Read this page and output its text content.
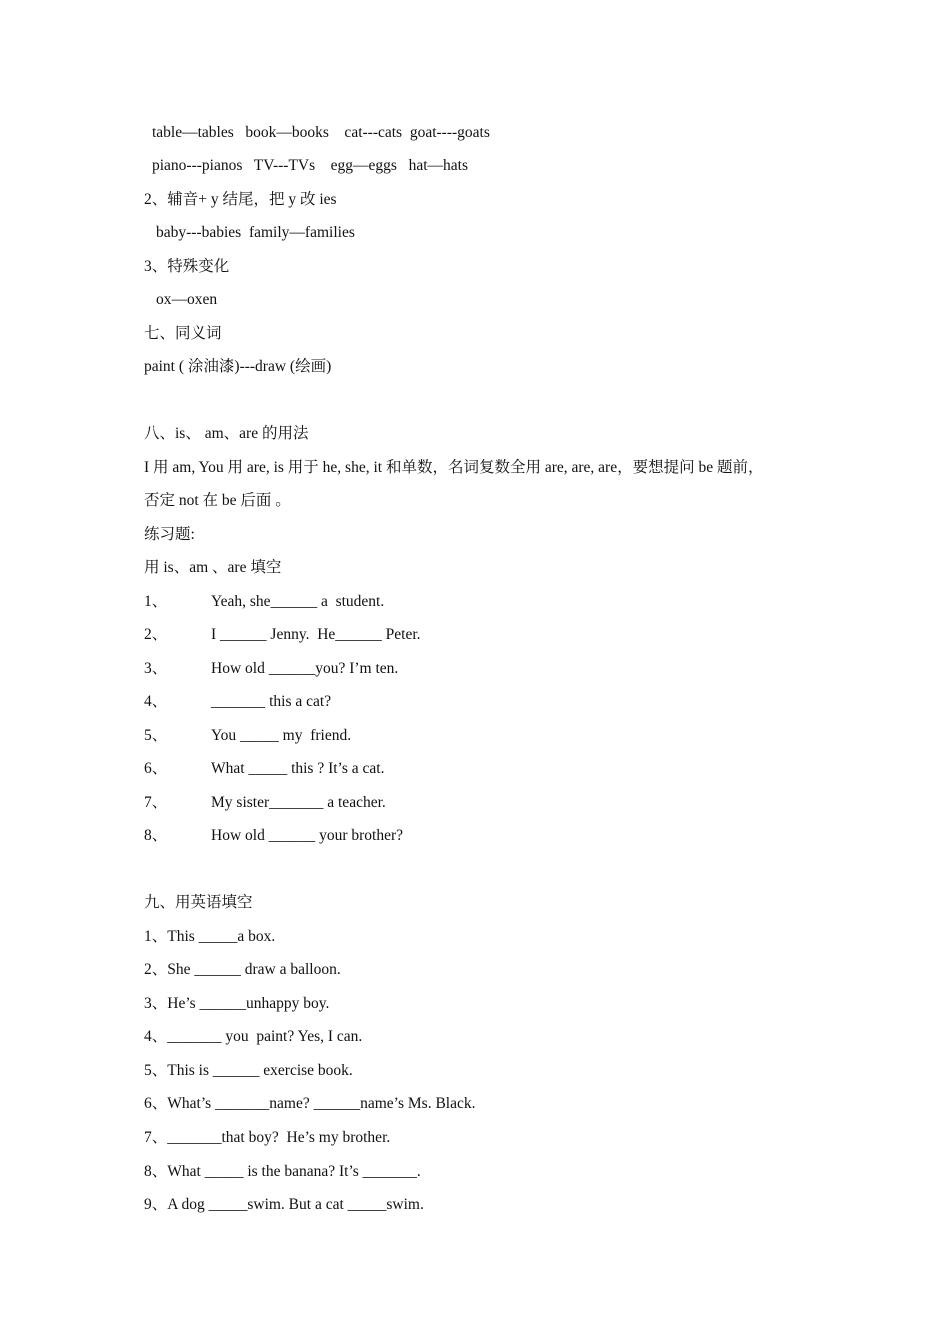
table—tables   book—books    cat---cats  goat----goats
piano---pianos   TV---TVs    egg—eggs   hat—hats
2、辅音+ y 结尾，把 y 改 ies
baby---babies  family—families
3、特殊变化
ox—oxen
七、同义词
paint ( 涂油漆)---draw (绘画)
八、is、 am、are 的用法
I 用 am, You 用 are, is 用于 he, she, it 和单数，名词复数全用 are, are, are，要想提问 be 题前，
否定 not 在 be 后面 。
练习题:
用 is、am 、are 填空
1、	Yeah, she______ a  student.
2、	I ______ Jenny.  He______ Peter.
3、	How old ______you? I’m ten.
4、	_______ this a cat?
5、	You _____ my  friend.
6、	What _____ this ? It’s a cat.
7、	My sister_______ a teacher.
8、	How old ______ your brother?
九、用英语填空
1、This _____a box.
2、She ______ draw a balloon.
3、He’s ______unhappy boy.
4、_______ you  paint? Yes, I can.
5、This is ______ exercise book.
6、What’s _______name? ______name’s Ms. Black.
7、_______that boy?  He’s my brother.
8、What _____ is the banana? It’s _______.
9、A dog _____swim. But a cat _____swim.
